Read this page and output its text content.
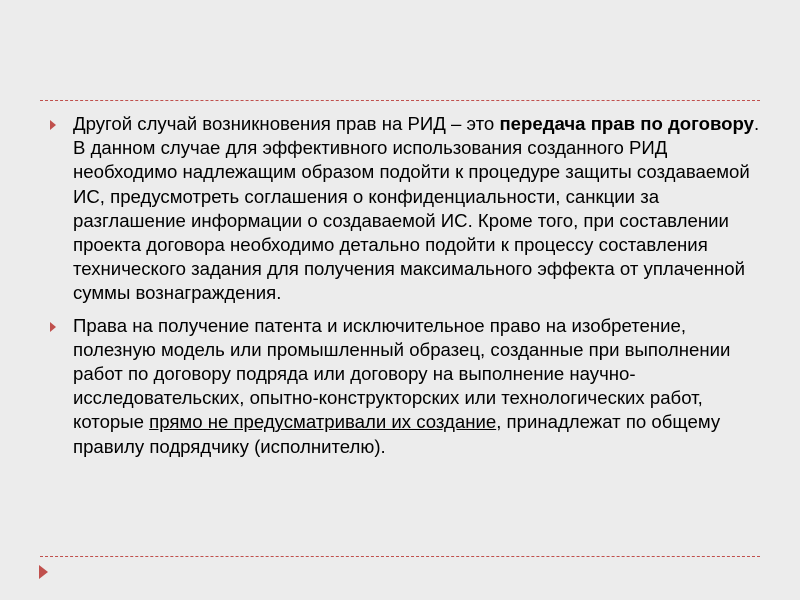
Другой случай возникновения прав на РИД – это передача прав по договору. В данном случае для эффективного использования созданного РИД необходимо надлежащим образом подойти к процедуре защиты создаваемой ИС, предусмотреть соглашения о конфиденциальности, санкции за разглашение информации о создаваемой ИС. Кроме того, при составлении проекта договора необходимо детально подойти к процессу составления технического задания для получения максимального эффекта от уплаченной суммы вознаграждения.
Права на получение патента и исключительное право на изобретение, полезную модель или промышленный образец, созданные при выполнении работ по договору подряда или договору на выполнение научно-исследовательских, опытно-конструкторских или технологических работ, которые прямо не предусматривали их создание, принадлежат по общему правилу подрядчику (исполнителю).
